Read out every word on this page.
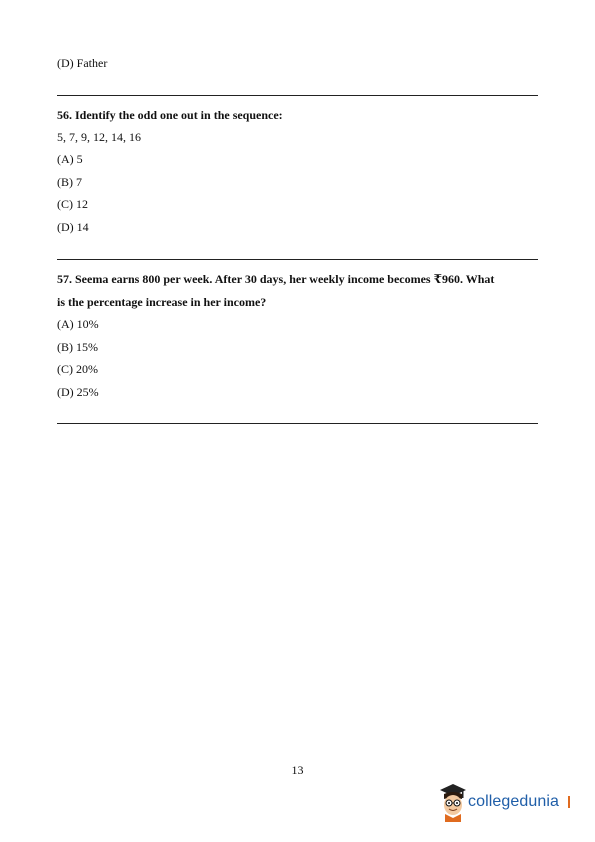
(D) Father
56. Identify the odd one out in the sequence:
5, 7, 9, 12, 14, 16
(A) 5
(B) 7
(C) 12
(D) 14
57. Seema earns 800 per week. After 30 days, her weekly income becomes ₹960. What
is the percentage increase in her income?
(A) 10%
(B) 15%
(C) 20%
(D) 25%
13
collegedunia
